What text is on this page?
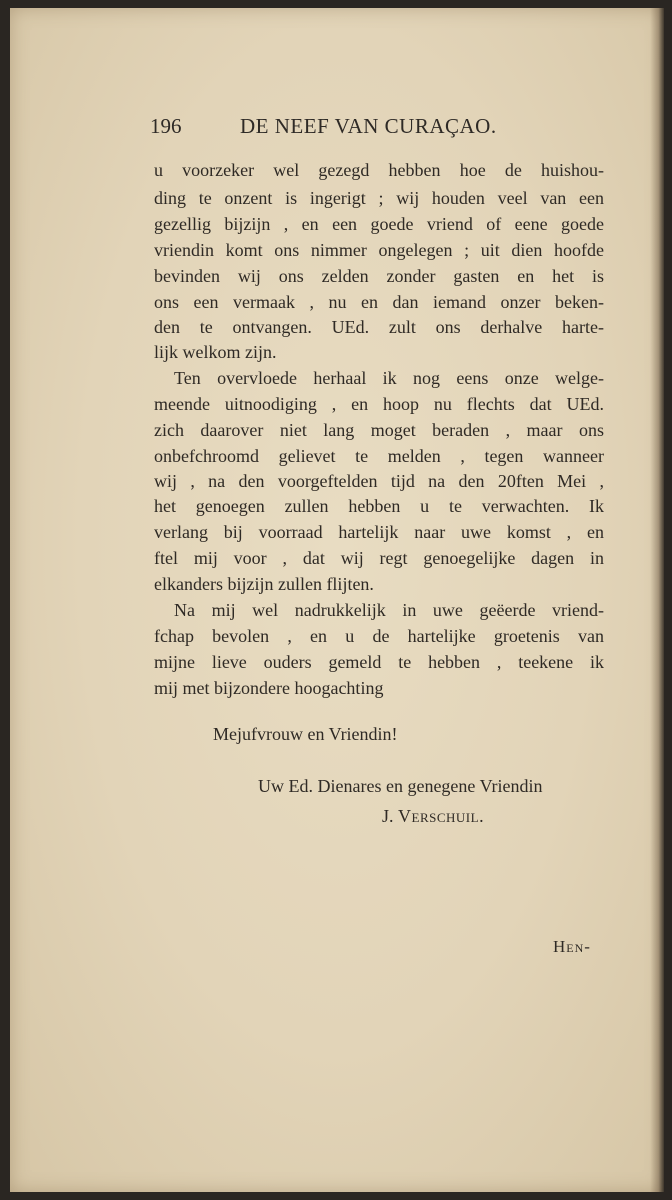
196	DE NEEF VAN CURAÇAO.
u voorzeker wel gezegd hebben hoe de huishou-
ding te onzent is ingerigt ; wij houden veel van een
gezellig bijzijn , en een goede vriend of eene goede
vriendin komt ons nimmer ongelegen ; uit dien hoofde
bevinden wij ons zelden zonder gasten en het is
ons een vermaak , nu en dan iemand onzer beken-
den te ontvangen. UEd. zult ons derhalve harte-
lijk welkom zijn.
Ten overvloede herhaal ik nog eens onze welge-
meende uitnoodiging , en hoop nu flechts dat UEd.
zich daarover niet lang moget beraden , maar ons
onbefchroomd gelievet te melden , tegen wanneer
wij , na den voorgeftelden tijd na den 20ften Mei ,
het genoegen zullen hebben u te verwachten. Ik
verlang bij voorraad hartelijk naar uwe komst , en
ftel mij voor , dat wij regt genoegelijke dagen in
elkanders bijzijn zullen flijten.
Na mij wel nadrukkelijk in uwe geëerde vriend-
fchap bevolen , en u de hartelijke groetenis van
mijne lieve ouders gemeld te hebben , teekene ik
mij met bijzondere hoogachting
Mejufvrouw en Vriendin!
Uw Ed. Dienares en genegene Vriendin
J. Verschuil.
Hen-
